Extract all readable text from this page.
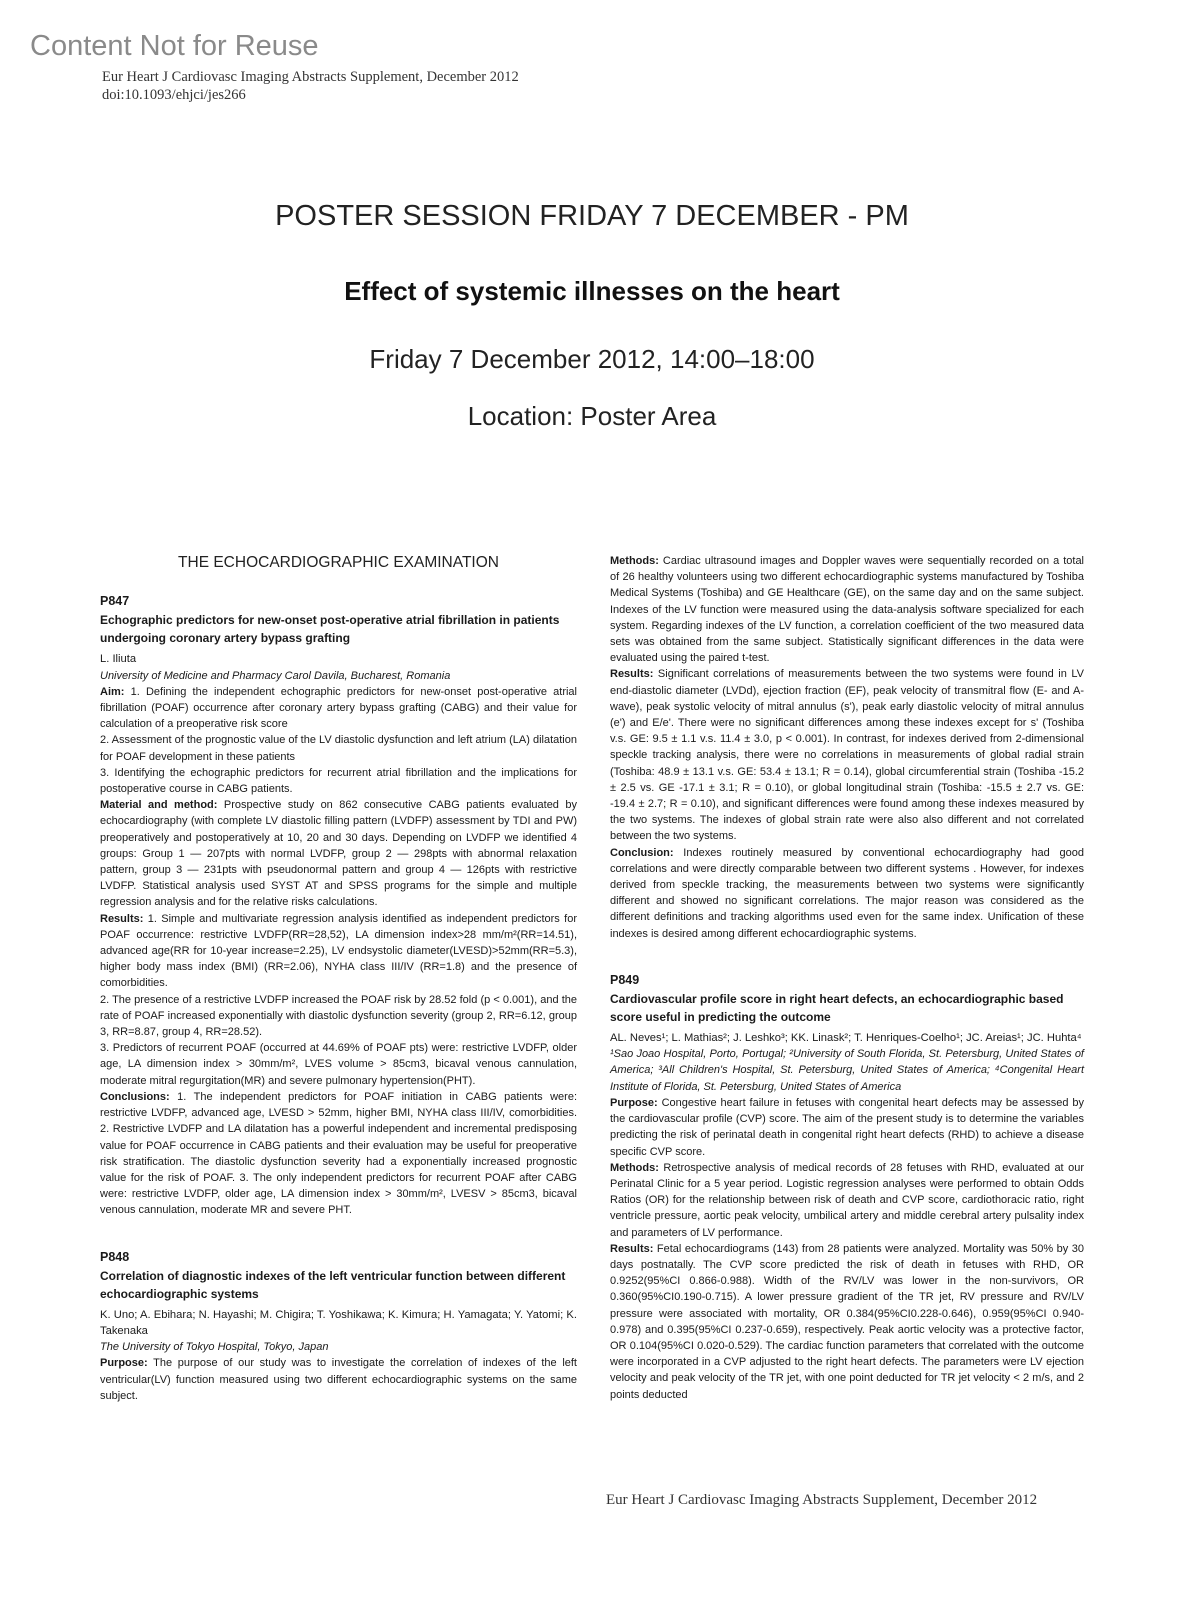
Content Not for Reuse
Eur Heart J Cardiovasc Imaging Abstracts Supplement, December 2012
doi:10.1093/ehjci/jes266
POSTER SESSION FRIDAY 7 DECEMBER - PM
Effect of systemic illnesses on the heart
Friday 7 December 2012, 14:00–18:00
Location: Poster Area
THE ECHOCARDIOGRAPHIC EXAMINATION
P847
Echographic predictors for new-onset post-operative atrial fibrillation in patients undergoing coronary artery bypass grafting

L. Iliuta

University of Medicine and Pharmacy Carol Davila, Bucharest, Romania

Aim: 1. Defining the independent echographic predictors for new-onset post-operative atrial fibrillation (POAF) occurrence after coronary artery bypass grafting (CABG) and their value for calculation of a preoperative risk score

2. Assessment of the prognostic value of the LV diastolic dysfunction and left atrium (LA) dilatation for POAF development in these patients

3. Identifying the echographic predictors for recurrent atrial fibrillation and the implications for postoperative course in CABG patients.

Material and method: Prospective study on 862 consecutive CABG patients evaluated by echocardiography (with complete LV diastolic filling pattern (LVDFP) assessment by TDI and PW) preoperatively and postoperatively at 10, 20 and 30 days. Depending on LVDFP we identified 4 groups: Group 1 — 207pts with normal LVDFP, group 2 — 298pts with abnormal relaxation pattern, group 3 — 231pts with pseudonormal pattern and group 4 — 126pts with restrictive LVDFP. Statistical analysis used SYST AT and SPSS programs for the simple and multiple regression analysis and for the relative risks calculations.

Results: 1. Simple and multivariate regression analysis identified as independent predictors for POAF occurrence: restrictive LVDFP(RR=28,52), LA dimension index>28 mm/m²(RR=14.51), advanced age(RR for 10-year increase=2.25), LV endsystolic diameter(LVESD)>52mm(RR=5.3), higher body mass index (BMI) (RR=2.06), NYHA class III/IV (RR=1.8) and the presence of comorbidities.

2. The presence of a restrictive LVDFP increased the POAF risk by 28.52 fold (p < 0.001), and the rate of POAF increased exponentially with diastolic dysfunction severity (group 2, RR=6.12, group 3, RR=8.87, group 4, RR=28.52).

3. Predictors of recurrent POAF (occurred at 44.69% of POAF pts) were: restrictive LVDFP, older age, LA dimension index > 30mm/m², LVES volume > 85cm3, bicaval venous cannulation, moderate mitral regurgitation(MR) and severe pulmonary hypertension(PHT).

Conclusions: 1. The independent predictors for POAF initiation in CABG patients were: restrictive LVDFP, advanced age, LVESD > 52mm, higher BMI, NYHA class III/IV, comorbidities. 2. Restrictive LVDFP and LA dilatation has a powerful independent and incremental predisposing value for POAF occurrence in CABG patients and their evaluation may be useful for preoperative risk stratification. The diastolic dysfunction severity had a exponentially increased prognostic value for the risk of POAF. 3. The only independent predictors for recurrent POAF after CABG were: restrictive LVDFP, older age, LA dimension index > 30mm/m², LVESV > 85cm3, bicaval venous cannulation, moderate MR and severe PHT.

P848
Correlation of diagnostic indexes of the left ventricular function between different echocardiographic systems

K. Uno; A. Ebihara; N. Hayashi; M. Chigira; T. Yoshikawa; K. Kimura; H. Yamagata; Y. Yatomi; K. Takenaka

The University of Tokyo Hospital, Tokyo, Japan

Purpose: The purpose of our study was to investigate the correlation of indexes of the left ventricular(LV) function measured using two different echocardiographic systems on the same subject.

Methods: Cardiac ultrasound images and Doppler waves were sequentially recorded on a total of 26 healthy volunteers using two different echocardiographic systems manufactured by Toshiba Medical Systems (Toshiba) and GE Healthcare (GE), on the same day and on the same subject. Indexes of the LV function were measured using the data-analysis software specialized for each system. Regarding indexes of the LV function, a correlation coefficient of the two measured data sets was obtained from the same subject. Statistically significant differences in the data were evaluated using the paired t-test.

Results: Significant correlations of measurements between the two systems were found in LV end-diastolic diameter (LVDd), ejection fraction (EF), peak velocity of transmitral flow (E- and A-wave), peak systolic velocity of mitral annulus (s'), peak early diastolic velocity of mitral annulus (e') and E/e'. There were no significant differences among these indexes except for s' (Toshiba v.s. GE: 9.5 ± 1.1 v.s. 11.4 ± 3.0, p < 0.001). In contrast, for indexes derived from 2-dimensional speckle tracking analysis, there were no correlations in measurements of global radial strain (Toshiba: 48.9 ± 13.1 v.s. GE: 53.4 ± 13.1; R = 0.14), global circumferential strain (Toshiba -15.2 ± 2.5 vs. GE -17.1 ± 3.1; R = 0.10), or global longitudinal strain (Toshiba: -15.5 ± 2.7 vs. GE: -19.4 ± 2.7; R = 0.10), and significant differences were found among these indexes measured by the two systems. The indexes of global strain rate were also also different and not correlated between the two systems.

Conclusion: Indexes routinely measured by conventional echocardiography had good correlations and were directly comparable between two different systems . However, for indexes derived from speckle tracking, the measurements between two systems were significantly different and showed no significant correlations. The major reason was considered as the different definitions and tracking algorithms used even for the same index. Unification of these indexes is desired among different echocardiographic systems.

P849
Cardiovascular profile score in right heart defects, an echocardiographic based score useful in predicting the outcome

AL. Neves¹; L. Mathias²; J. Leshko³; KK. Linask²; T. Henriques-Coelho¹; JC. Areias¹; JC. Huhta⁴

¹Sao Joao Hospital, Porto, Portugal; ²University of South Florida, St. Petersburg, United States of America; ³All Children's Hospital, St. Petersburg, United States of America; ⁴Congenital Heart Institute of Florida, St. Petersburg, United States of America

Purpose: Congestive heart failure in fetuses with congenital heart defects may be assessed by the cardiovascular profile (CVP) score. The aim of the present study is to determine the variables predicting the risk of perinatal death in congenital right heart defects (RHD) to achieve a disease specific CVP score.

Methods: Retrospective analysis of medical records of 28 fetuses with RHD, evaluated at our Perinatal Clinic for a 5 year period. Logistic regression analyses were performed to obtain Odds Ratios (OR) for the relationship between risk of death and CVP score, cardiothoracic ratio, right ventricle pressure, aortic peak velocity, umbilical artery and middle cerebral artery pulsality index and parameters of LV performance.

Results: Fetal echocardiograms (143) from 28 patients were analyzed. Mortality was 50% by 30 days postnatally. The CVP score predicted the risk of death in fetuses with RHD, OR 0.9252(95%CI 0.866-0.988). Width of the RV/LV was lower in the non-survivors, OR 0.360(95%CI0.190-0.715). A lower pressure gradient of the TR jet, RV pressure and RV/LV pressure were associated with mortality, OR 0.384(95%CI0.228-0.646), 0.959(95%CI 0.940-0.978) and 0.395(95%CI 0.237-0.659), respectively. Peak aortic velocity was a protective factor, OR 0.104(95%CI 0.020-0.529). The cardiac function parameters that correlated with the outcome were incorporated in a CVP adjusted to the right heart defects. The parameters were LV ejection velocity and peak velocity of the TR jet, with one point deducted for TR jet velocity < 2 m/s, and 2 points deducted

Eur Heart J Cardiovasc Imaging Abstracts Supplement, December 2012
